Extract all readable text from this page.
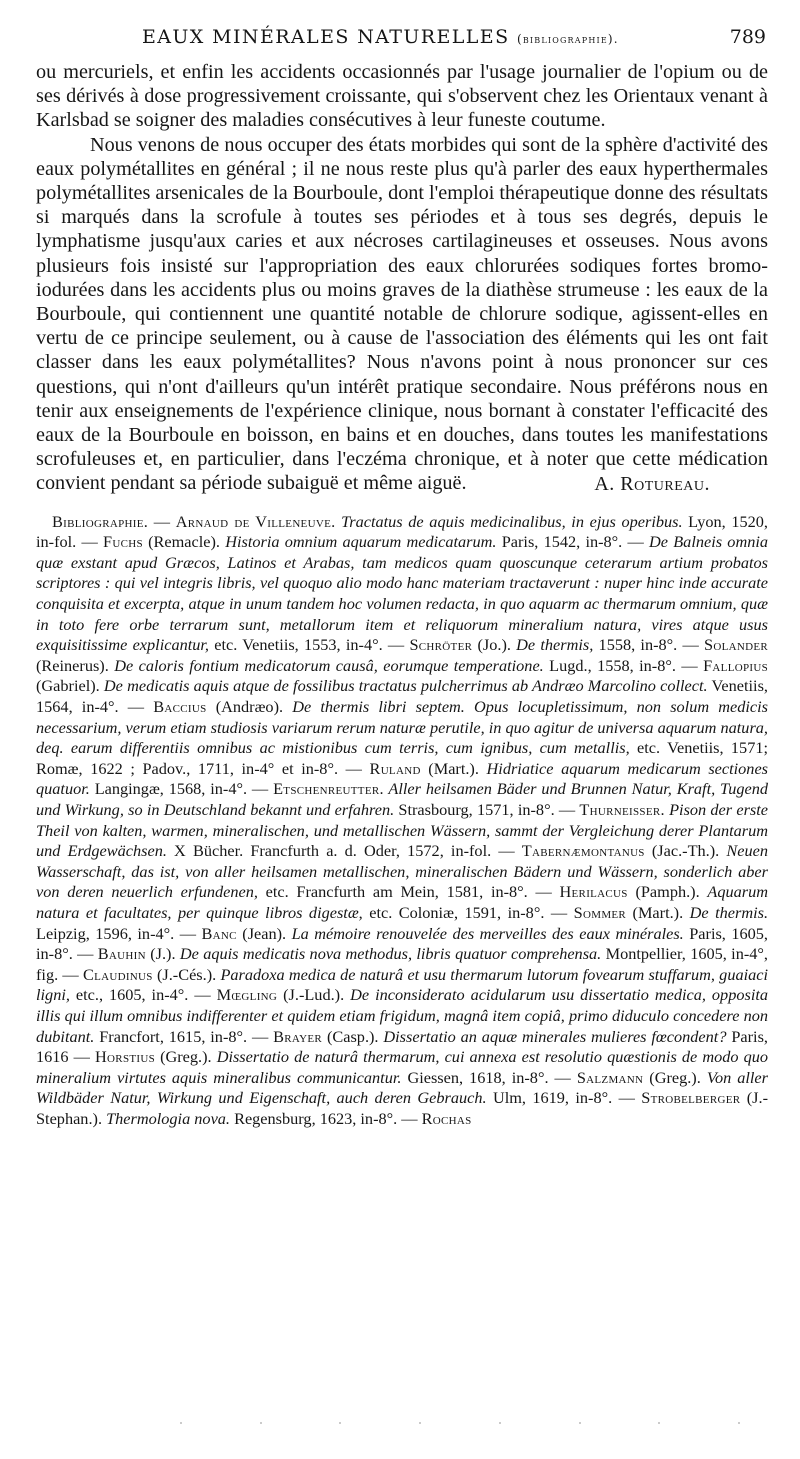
EAUX MINÉRALES NATURELLES (bibliographie).	789

ou mercuriels, et enfin les accidents occasionnés par l'usage journalier de l'opium ou de ses dérivés à dose progressivement croissante, qui s'observent chez les Orientaux venant à Karlsbad se soigner des maladies consécutives à leur funeste coutume.

Nous venons de nous occuper des états morbides qui sont de la sphère d'activité des eaux polymétallites en général ; il ne nous reste plus qu'à parler des eaux hyperthermales polymétallites arsenicales de la Bourboule, dont l'emploi thérapeutique donne des résultats si marqués dans la scrofule à toutes ses périodes et à tous ses degrés, depuis le lymphatisme jusqu'aux caries et aux nécroses cartilagineuses et osseuses. Nous avons plusieurs fois insisté sur l'appropriation des eaux chlorurées sodiques fortes bromo-iodurées dans les accidents plus ou moins graves de la diathèse strumeuse : les eaux de la Bourboule, qui contiennent une quantité notable de chlorure sodique, agissent-elles en vertu de ce principe seulement, ou à cause de l'association des éléments qui les ont fait classer dans les eaux polymétallites? Nous n'avons point à nous prononcer sur ces questions, qui n'ont d'ailleurs qu'un intérêt pratique secondaire. Nous préférons nous en tenir aux enseignements de l'expérience clinique, nous bornant à constater l'efficacité des eaux de la Bourboule en boisson, en bains et en douches, dans toutes les manifestations scrofuleuses et, en particulier, dans l'eczéma chronique, et à noter que cette médication convient pendant sa période subaiguë et même aiguë.	A. Rotureau.
Bibliographie. — Arnaud de Villeneuve. Tractatus de aquis medicinalibus, in ejus operibus. Lyon, 1520, in-fol. — Fuchs (Remacle). Historia omnium aquarum medicatarum. Paris, 1542, in-8°. — De Balneis omnia quæ exstant apud Græcos, Latinos et Arabas, tam medicos quam quoscunque ceterarum artium probatos scriptores : qui vel integris libris, vel quoquo alio modo hanc materiam tractaverunt : nuper hinc inde accurate conquisita et excerpta, atque in unum tandem hoc volumen redacta, in quo aquarm ac thermarum omnium, quæ in toto fere orbe terrarum sunt, metallorum item et reliquorum mineralium natura, vires atque usus exquisitissime explicantur, etc. Venetiis, 1553, in-4°. — Schröter (Jo.). De thermis, 1558, in-8°. — Solander (Reinerus). De caloris fontium medicatorum causâ, eorumque temperatione. Lugd., 1558, in-8°. — Fallopius (Gabriel). De medicatis aquis atque de fossilibus tractatus pulcherrimus ab Andræo Marcolino collect. Venetiis, 1564, in-4°. — Baccius (Andræo). De thermis libri septem. Opus locupletissimum, non solum medicis necessarium, verum etiam studiosis variarum rerum naturæ perutile, in quo agitur de universa aquarum natura, deq. earum differentiis omnibus ac mistionibus cum terris, cum ignibus, cum metallis, etc. Venetiis, 1571; Romæ, 1622 ; Padov., 1711, in-4° et in-8°. — Ruland (Mart.). Hidriatice aquarum medicarum sectiones quatuor. Langingæ, 1568, in-4°. — Etschenreutter. Aller heilsamen Bäder und Brunnen Natur, Kraft, Tugend und Wirkung, so in Deutschland bekannt und erfahren. Strasbourg, 1571, in-8°. — Thurneisser. Pison der erste Theil von kalten, warmen, mineralischen, und metallischen Wässern, sammt der Vergleichung derer Plantarum und Erdgewächsen. X Bücher. Francfurth a. d. Oder, 1572, in-fol. — Tabernæmontanus (Jac.-Th.). Neuen Wasserschaft, das ist, von aller heilsamen metallischen, mineralischen Bädern und Wässern, sonderlich aber von deren neuerlich erfundenen, etc. Francfurth am Mein, 1581, in-8°. — Herilacus (Pamph.). Aquarum natura et facultates, per quinque libros digestæ, etc. Coloniæ, 1591, in-8°. — Sommer (Mart.). De thermis. Leipzig, 1596, in-4°. — Banc (Jean). La mémoire renouvelée des merveilles des eaux minérales. Paris, 1605, in-8°. — Bauhin (J.). De aquis medicatis nova methodus, libris quatuor comprehensa. Montpellier, 1605, in-4°, fig. — Claudinus (J.-Cés.). Paradoxa medica de naturâ et usu thermarum lutorum fovearum stuffarum, guaiaci ligni, etc., 1605, in-4°. — Mœgling (J.-Lud.). De inconsiderato acidularum usu dissertatio medica, opposita illis qui illum omnibus indifferenter et quidem etiam frigidum, magnâ item copiâ, primo diduculo concedere non dubitant. Francfort, 1615, in-8°. — Brayer (Casp.). Dissertatio an aquæ minerales mulieres fœcondent? Paris, 1616 — Horstius (Greg.). Dissertatio de naturâ thermarum, cui annexa est resolutio quæstionis de modo quo mineralium virtutes aquis mineralibus communicantur. Giessen, 1618, in-8°. — Salzmann (Greg.). Von aller Wildbäder Natur, Wirkung und Eigenschaft, auch deren Gebrauch. Ulm, 1619, in-8°. — Strobelberger (J.-Stephan.). Thermologia nova. Regensburg, 1623, in-8°. — Rochas
